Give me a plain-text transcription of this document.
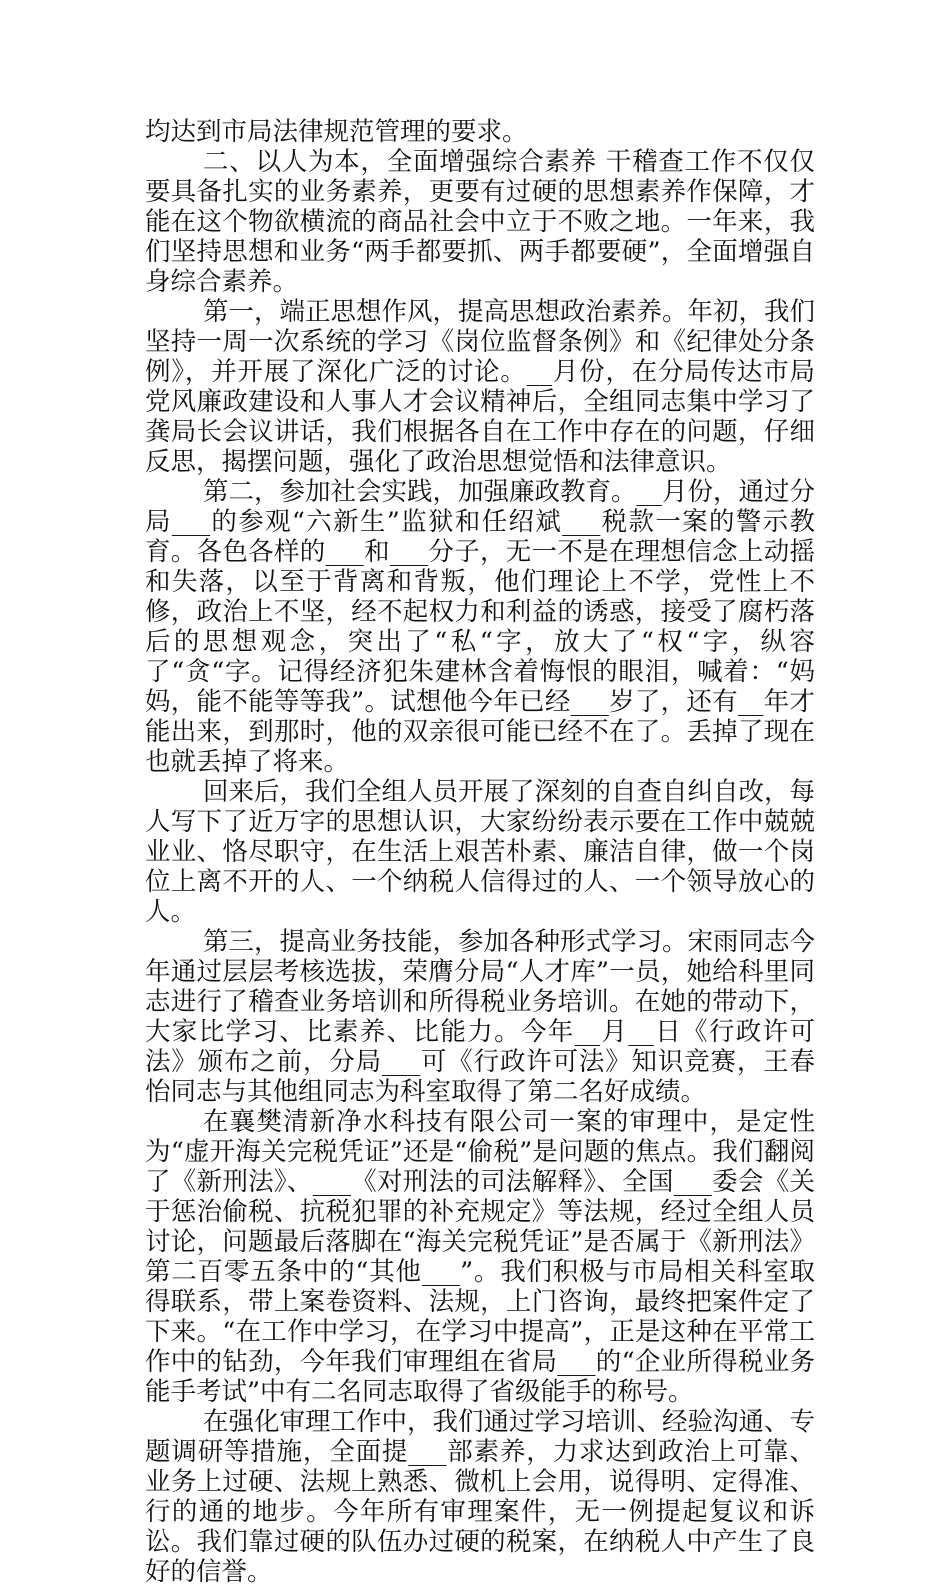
均达到市局法律规范管理的要求。

二、以人为本，全面增强综合素养 干稽查工作不仅仅要具备扎实的业务素养，更要有过硬的思想素养作保障，才能在这个物欲横流的商品社会中立于不败之地。一年来，我们坚持思想和业务“两手都要抓、两手都要硬”，全面增强自身综合素养。

第一，端正思想作风，提高思想政治素养。年初，我们坚持一周一次系统的学习《岗位监督条例》和《纪律处分条例》，并开展了深化广泛的讨论。__月份，在分局传达市局党风廉政建设和人事人才会议精神后，全组同志集中学习了龚局长会议讲话，我们根据各自在工作中存在的问题，仔细反思，揭摆问题，强化了政治思想觉悟和法律意识。

第二，参加社会实践，加强廉政教育。__月份，通过分局___的参观“六新生”监狱和任绍斌___税款一案的警示教育。各色各样的___和___分子，无一不是在理想信念上动摇和失落，以至于背离和背叛，他们理论上不学，党性上不修，政治上不坚，经不起权力和利益的诱惑，接受了腐朽落后的思想观念，突出了“私“字，放大了“权“字，纵容了“贪“字。记得经济犯朱建林含着悔恨的眼泪，喊着：“妈妈，能不能等等我”。试想他今年已经___岁了，还有__年才能出来，到那时，他的双亲很可能已经不在了。丢掉了现在也就丢掉了将来。

回来后，我们全组人员开展了深刻的自查自纠自改，每人写下了近万字的思想认识，大家纷纷表示要在工作中兢兢业业、恪尽职守，在生活上艰苦朴素、廉洁自律，做一个岗位上离不开的人、一个纳税人信得过的人、一个领导放心的人。

第三，提高业务技能，参加各种形式学习。宋雨同志今年通过层层考核选拔，荣膺分局“人才库”一员，她给科里同志进行了稽查业务培训和所得税业务培训。在她的带动下，大家比学习、比素养、比能力。今年__月__日《行政许可法》颁布之前，分局___可《行政许可法》知识竞赛，王春怡同志与其他组同志为科室取得了第二名好成绩。

在襄樊清新净水科技有限公司一案的审理中，是定性为“虚开海关完税凭证”还是“偷税”是问题的焦点。我们翻阅了《新刑法》、___《对刑法的司法解释》、全国___委会《关于惩治偷税、抗税犯罪的补充规定》等法规，经过全组人员讨论，问题最后落脚在“海关完税凭证”是否属于《新刑法》第二百零五条中的“其他___”。我们积极与市局相关科室取得联系，带上案卷资料、法规，上门咨询，最终把案件定了下来。“在工作中学习，在学习中提高”，正是这种在平常工作中的钻劲，今年我们审理组在省局___的“企业所得税业务能手考试”中有二名同志取得了省级能手的称号。

在强化审理工作中，我们通过学习培训、经验沟通、专题调研等措施，全面提___部素养，力求达到政治上可靠、业务上过硬、法规上熟悉、微机上会用，说得明、定得准、行的通的地步。今年所有审理案件，无一例提起复议和诉讼。我们靠过硬的队伍办过硬的税案，在纳税人中产生了良好的信誉。
